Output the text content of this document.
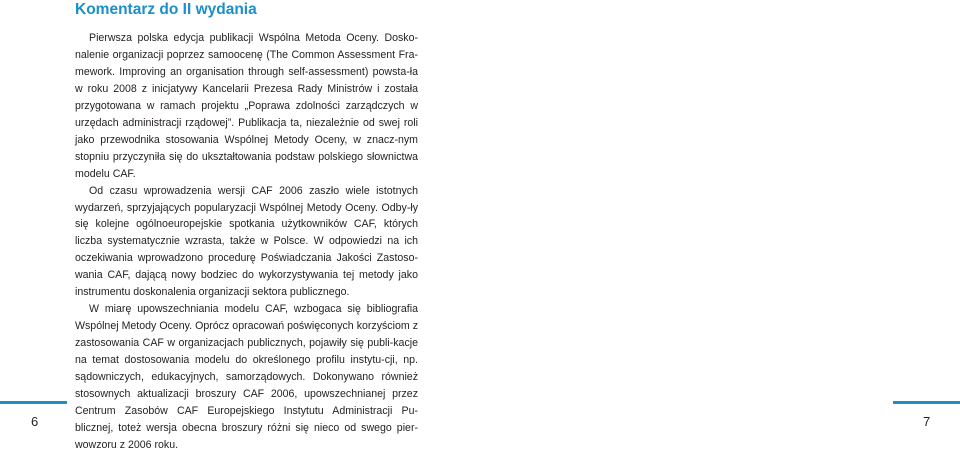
Komentarz do II wydania

Pierwsza polska edycja publikacji Wspólna Metoda Oceny. Dosko-nalenie organizacji poprzez samoocenę (The Common Assessment Fra-mework. Improving an organisation through self-assessment) powsta-ła w roku 2008 z inicjatywy Kancelarii Prezesa Rady Ministrów i została przygotowana w ramach projektu „Poprawa zdolności zarządczych w urzędach administracji rządowej”. Publikacja ta, niezależnie od swej roli jako przewodnika stosowania Wspólnej Metody Oceny, w znacz-nym stopniu przyczyniła się do ukształtowania podstaw polskiego słownictwa modelu CAF.

Od czasu wprowadzenia wersji CAF 2006 zaszło wiele istotnych wydarzeń, sprzyjających popularyzacji Wspólnej Metody Oceny. Odby-ły się kolejne ogólnoeuropejskie spotkania użytkowników CAF, których liczba systematycznie wzrasta, także w Polsce. W odpowiedzi na ich oczekiwania wprowadzono procedurę Poświadczania Jakości Zastoso-wania CAF, dającą nowy bodziec do wykorzystywania tej metody jako instrumentu doskonalenia organizacji sektora publicznego.

W miarę upowszechniania modelu CAF, wzbogaca się bibliografia Wspólnej Metody Oceny. Oprócz opracowań poświęconych korzyściom z zastosowania CAF w organizacjach publicznych, pojawiły się publi-kacje na temat dostosowania modelu do określonego profilu instytu-cji, np. sądowniczych, edukacyjnych, samorządowych. Dokonywano również stosownych aktualizacji broszury CAF 2006, upowszechnianej przez Centrum Zasobów CAF Europejskiego Instytutu Administracji Pu-blicznej, toteż wersja obecna broszury różni się nieco od swego pier-wowzoru z 2006 roku.

6	7
